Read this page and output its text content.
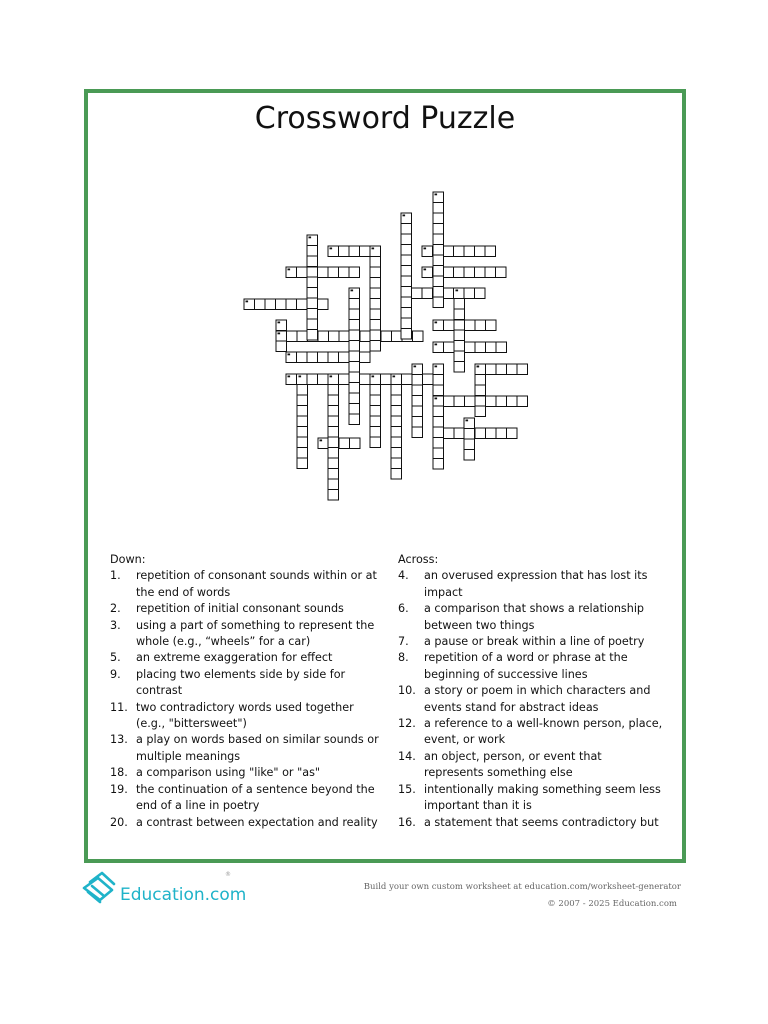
Crossword Puzzle
Down:
1.	repetition of consonant sounds within or at the end of words
2.	repetition of initial consonant sounds
3.	using a part of something to represent the whole (e.g., “wheels” for a car)
5.	an extreme exaggeration for effect
9.	placing two elements side by side for contrast
11. two contradictory words used together (e.g., "bittersweet")
13. a play on words based on similar sounds or multiple meanings
18. a comparison using "like" or "as"
19. the continuation of a sentence beyond the end of a line in poetry
20. a contrast between expectation and reality
Across:
4.	an overused expression that has lost its impact
6.	a comparison that shows a relationship between two things
7.	a pause or break within a line of poetry
8.	repetition of a word or phrase at the beginning of successive lines
10. a story or poem in which characters and events stand for abstract ideas
12. a reference to a well-known person, place, event, or work
14. an object, person, or event that represents something else
15. intentionally making something seem less important than it is
16. a statement that seems contradictory but
Education.com
®
Build your own custom worksheet at education.com/worksheet-generator
© 2007 - 2025 Education.com
